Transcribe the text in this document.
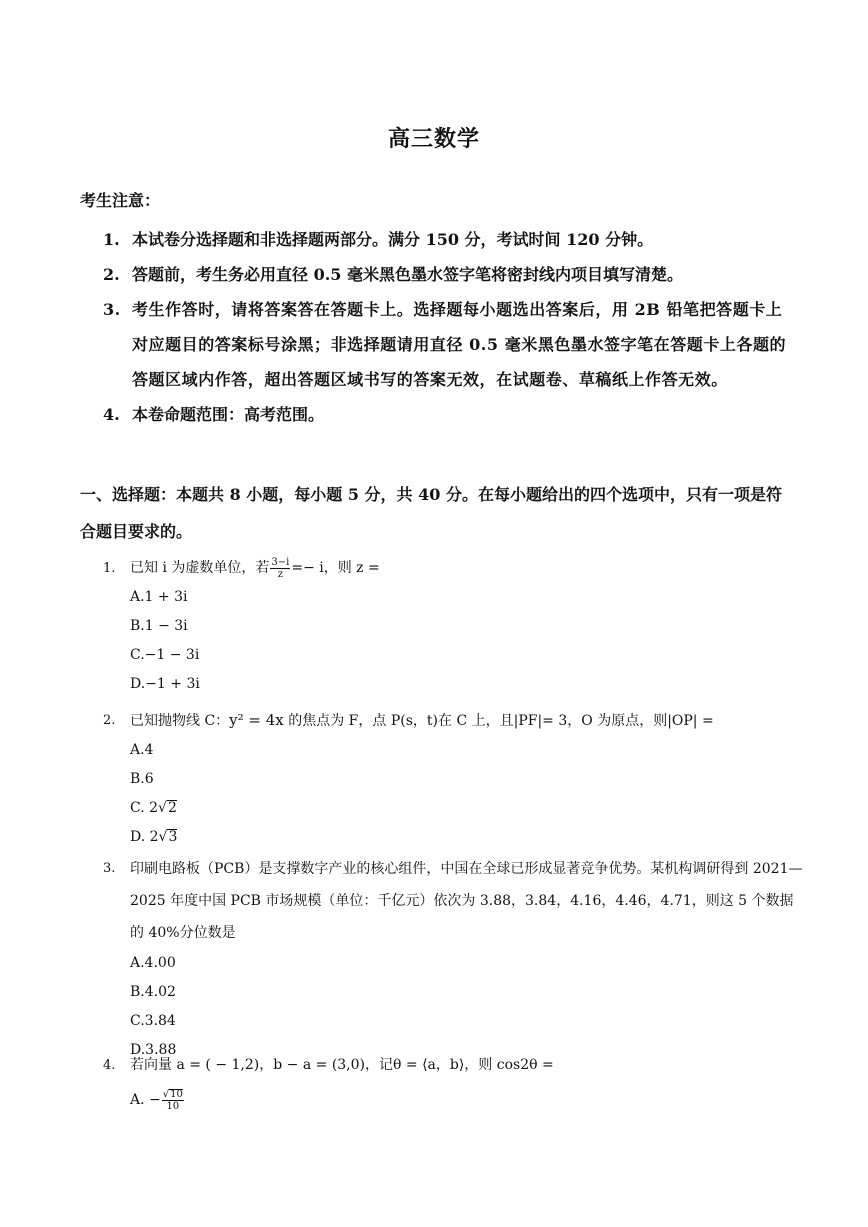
高三数学
考生注意：
1. 本试卷分选择题和非选择题两部分。满分 150 分，考试时间 120 分钟。
2. 答题前，考生务必用直径 0.5 毫米黑色墨水签字笔将密封线内项目填写清楚。
3. 考生作答时，请将答案答在答题卡上。选择题每小题选出答案后，用 2B 铅笔把答题卡上对应题目的答案标号涂黑；非选择题请用直径 0.5 毫米黑色墨水签字笔在答题卡上各题的答题区域内作答，超出答题区域书写的答案无效，在试题卷、草稿纸上作答无效。
4. 本卷命题范围：高考范围。
一、选择题：本题共 8 小题，每小题 5 分，共 40 分。在每小题给出的四个选项中，只有一项是符合题目要求的。
1. 已知 i 为虚数单位，若 $\frac{3-i}{z} =- i$，则 z =
A.1 + 3i
B.1 − 3i
C.−1 − 3i
D.−1 + 3i
2. 已知抛物线 C：y² = 4x 的焦点为 F，点 P(s，t)在 C 上，且|PF|= 3，O 为原点，则|OP| =
A.4
B.6
C. 2√2
D. 2√3
3. 印刷电路板（PCB）是支撑数字产业的核心组件，中国在全球已形成显著竞争优势。某机构调研得到 2021—2025 年度中国 PCB 市场规模（单位：千亿元）依次为 3.88，3.84，4.16，4.46，4.71，则这 5 个数据的 40%分位数是
A.4.00
B.4.02
C.3.84
D.3.88
4. 若向量 a = ( − 1,2)，b − a = (3,0)，记θ = ⟨a，b⟩，则 cos2θ =
A. − $\frac{√10}{10}$
